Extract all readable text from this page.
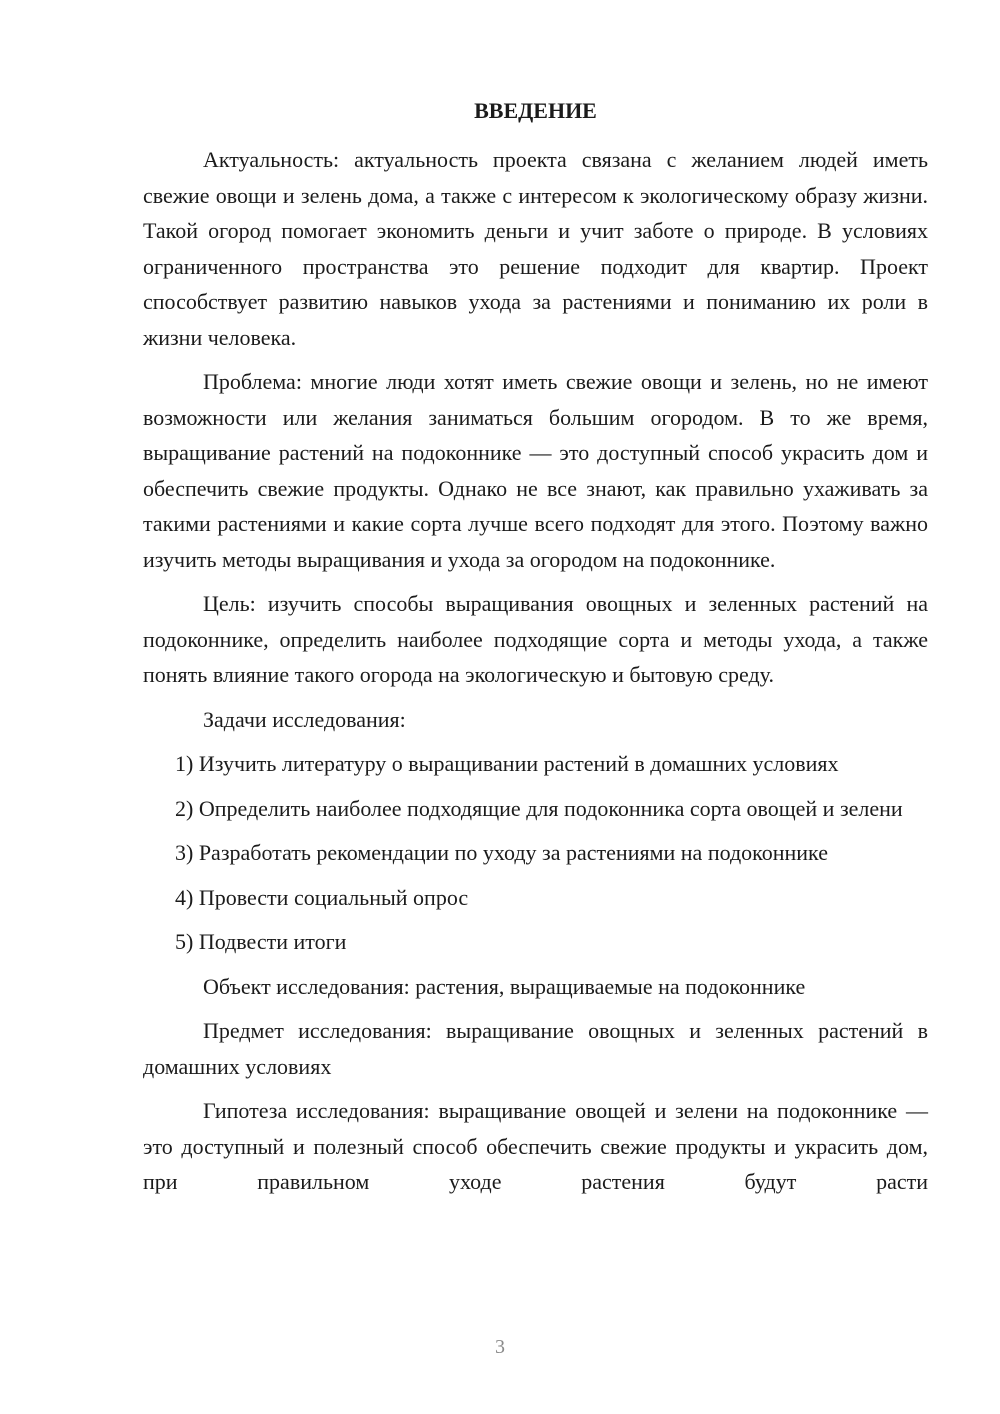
ВВЕДЕНИЕ

Актуальность: актуальность проекта связана с желанием людей иметь свежие овощи и зелень дома, а также с интересом к экологическому образу жизни. Такой огород помогает экономить деньги и учит заботе о природе. В условиях ограниченного пространства это решение подходит для квартир. Проект способствует развитию навыков ухода за растениями и пониманию их роли в жизни человека.

Проблема: многие люди хотят иметь свежие овощи и зелень, но не имеют возможности или желания заниматься большим огородом. В то же время, выращивание растений на подоконнике — это доступный способ украсить дом и обеспечить свежие продукты. Однако не все знают, как правильно ухаживать за такими растениями и какие сорта лучше всего подходят для этого. Поэтому важно изучить методы выращивания и ухода за огородом на подоконнике.

Цель: изучить способы выращивания овощных и зеленных растений на подоконнике, определить наиболее подходящие сорта и методы ухода, а также понять влияние такого огорода на экологическую и бытовую среду.

Задачи исследования:

1) Изучить литературу о выращивании растений в домашних условиях

2) Определить наиболее подходящие для подоконника сорта овощей и зелени

3) Разработать рекомендации по уходу за растениями на подоконнике

4) Провести социальный опрос

5) Подвести итоги

Объект исследования: растения, выращиваемые на подоконнике

Предмет исследования: выращивание овощных и зеленных растений в домашних условиях

Гипотеза исследования: выращивание овощей и зелени на подоконнике — это доступный и полезный способ обеспечить свежие продукты и украсить дом, при правильном уходе растения будут расти

3
